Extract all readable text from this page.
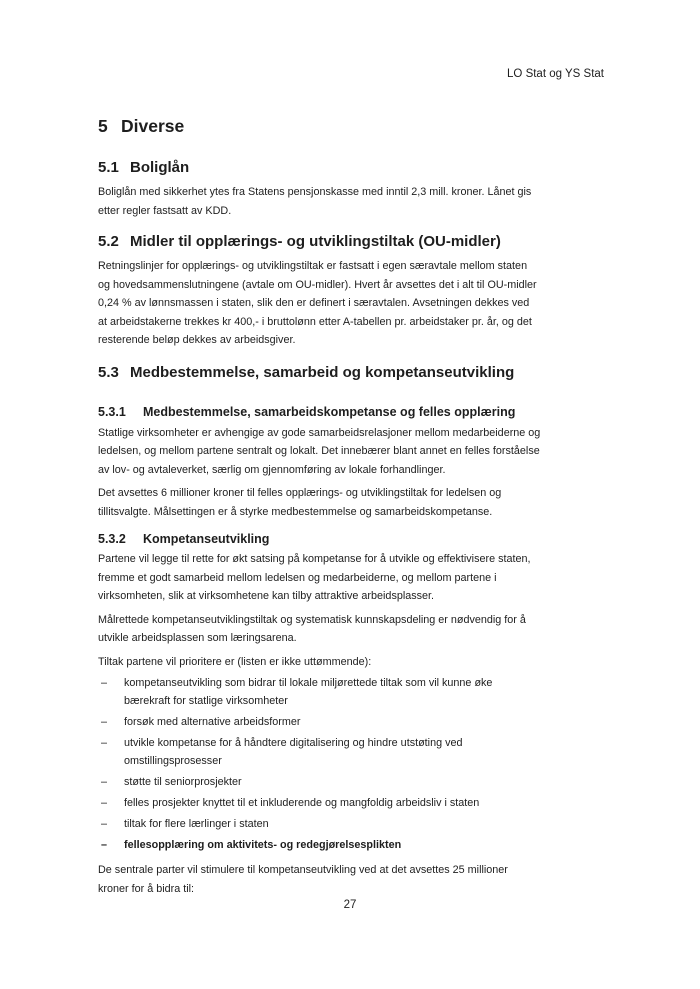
LO Stat og YS Stat
5 Diverse
5.1 Boliglån

Boliglån med sikkerhet ytes fra Statens pensjonskasse med inntil 2,3 mill. kroner. Lånet gis
etter regler fastsatt av KDD.

5.2 Midler til opplærings- og utviklingstiltak (OU-midler)

Retningslinjer for opplærings- og utviklingstiltak er fastsatt i egen særavtale mellom staten
og hovedsammenslutningene (avtale om OU-midler). Hvert år avsettes det i alt til OU-midler
0,24 % av lønnsmassen i staten, slik den er definert i særavtalen. Avsetningen dekkes ved
at arbeidstakerne trekkes kr 400,- i bruttolønn etter A-tabellen pr. arbeidstaker pr. år, og det
resterende beløp dekkes av arbeidsgiver.

5.3 Medbestemmelse, samarbeid og kompetanseutvikling
5.3.1 Medbestemmelse, samarbeidskompetanse og felles opplæring

Statlige virksomheter er avhengige av gode samarbeidsrelasjoner mellom medarbeiderne og
ledelsen, og mellom partene sentralt og lokalt. Det innebærer blant annet en felles forståelse
av lov- og avtaleverket, særlig om gjennomføring av lokale forhandlinger.

Det avsettes 6 millioner kroner til felles opplærings- og utviklingstiltak for ledelsen og
tillitsvalgte. Målsettingen er å styrke medbestemmelse og samarbeidskompetanse.

5.3.2 Kompetanseutvikling

Partene vil legge til rette for økt satsing på kompetanse for å utvikle og effektivisere staten,
fremme et godt samarbeid mellom ledelsen og medarbeiderne, og mellom partene i
virksomheten, slik at virksomhetene kan tilby attraktive arbeidsplasser.

Målrettede kompetanseutviklingstiltak og systematisk kunnskapsdeling er nødvendig for å
utvikle arbeidsplassen som læringsarena.

Tiltak partene vil prioritere er (listen er ikke uttømmende):

–	kompetanseutvikling som bidrar til lokale miljørettede tiltak som vil kunne øke
bærekraft for statlige virksomheter
–	forsøk med alternative arbeidsformer
–	utvikle kompetanse for å håndtere digitalisering og hindre utstøting ved
omstillingsprosesser
–	støtte til seniorprosjekter
–	felles prosjekter knyttet til et inkluderende og mangfoldig arbeidsliv i staten
–	tiltak for flere lærlinger i staten
–	fellesopplæring om aktivitets- og redegjørelsesplikten

De sentrale parter vil stimulere til kompetanseutvikling ved at det avsettes 25 millioner
kroner for å bidra til:

27
